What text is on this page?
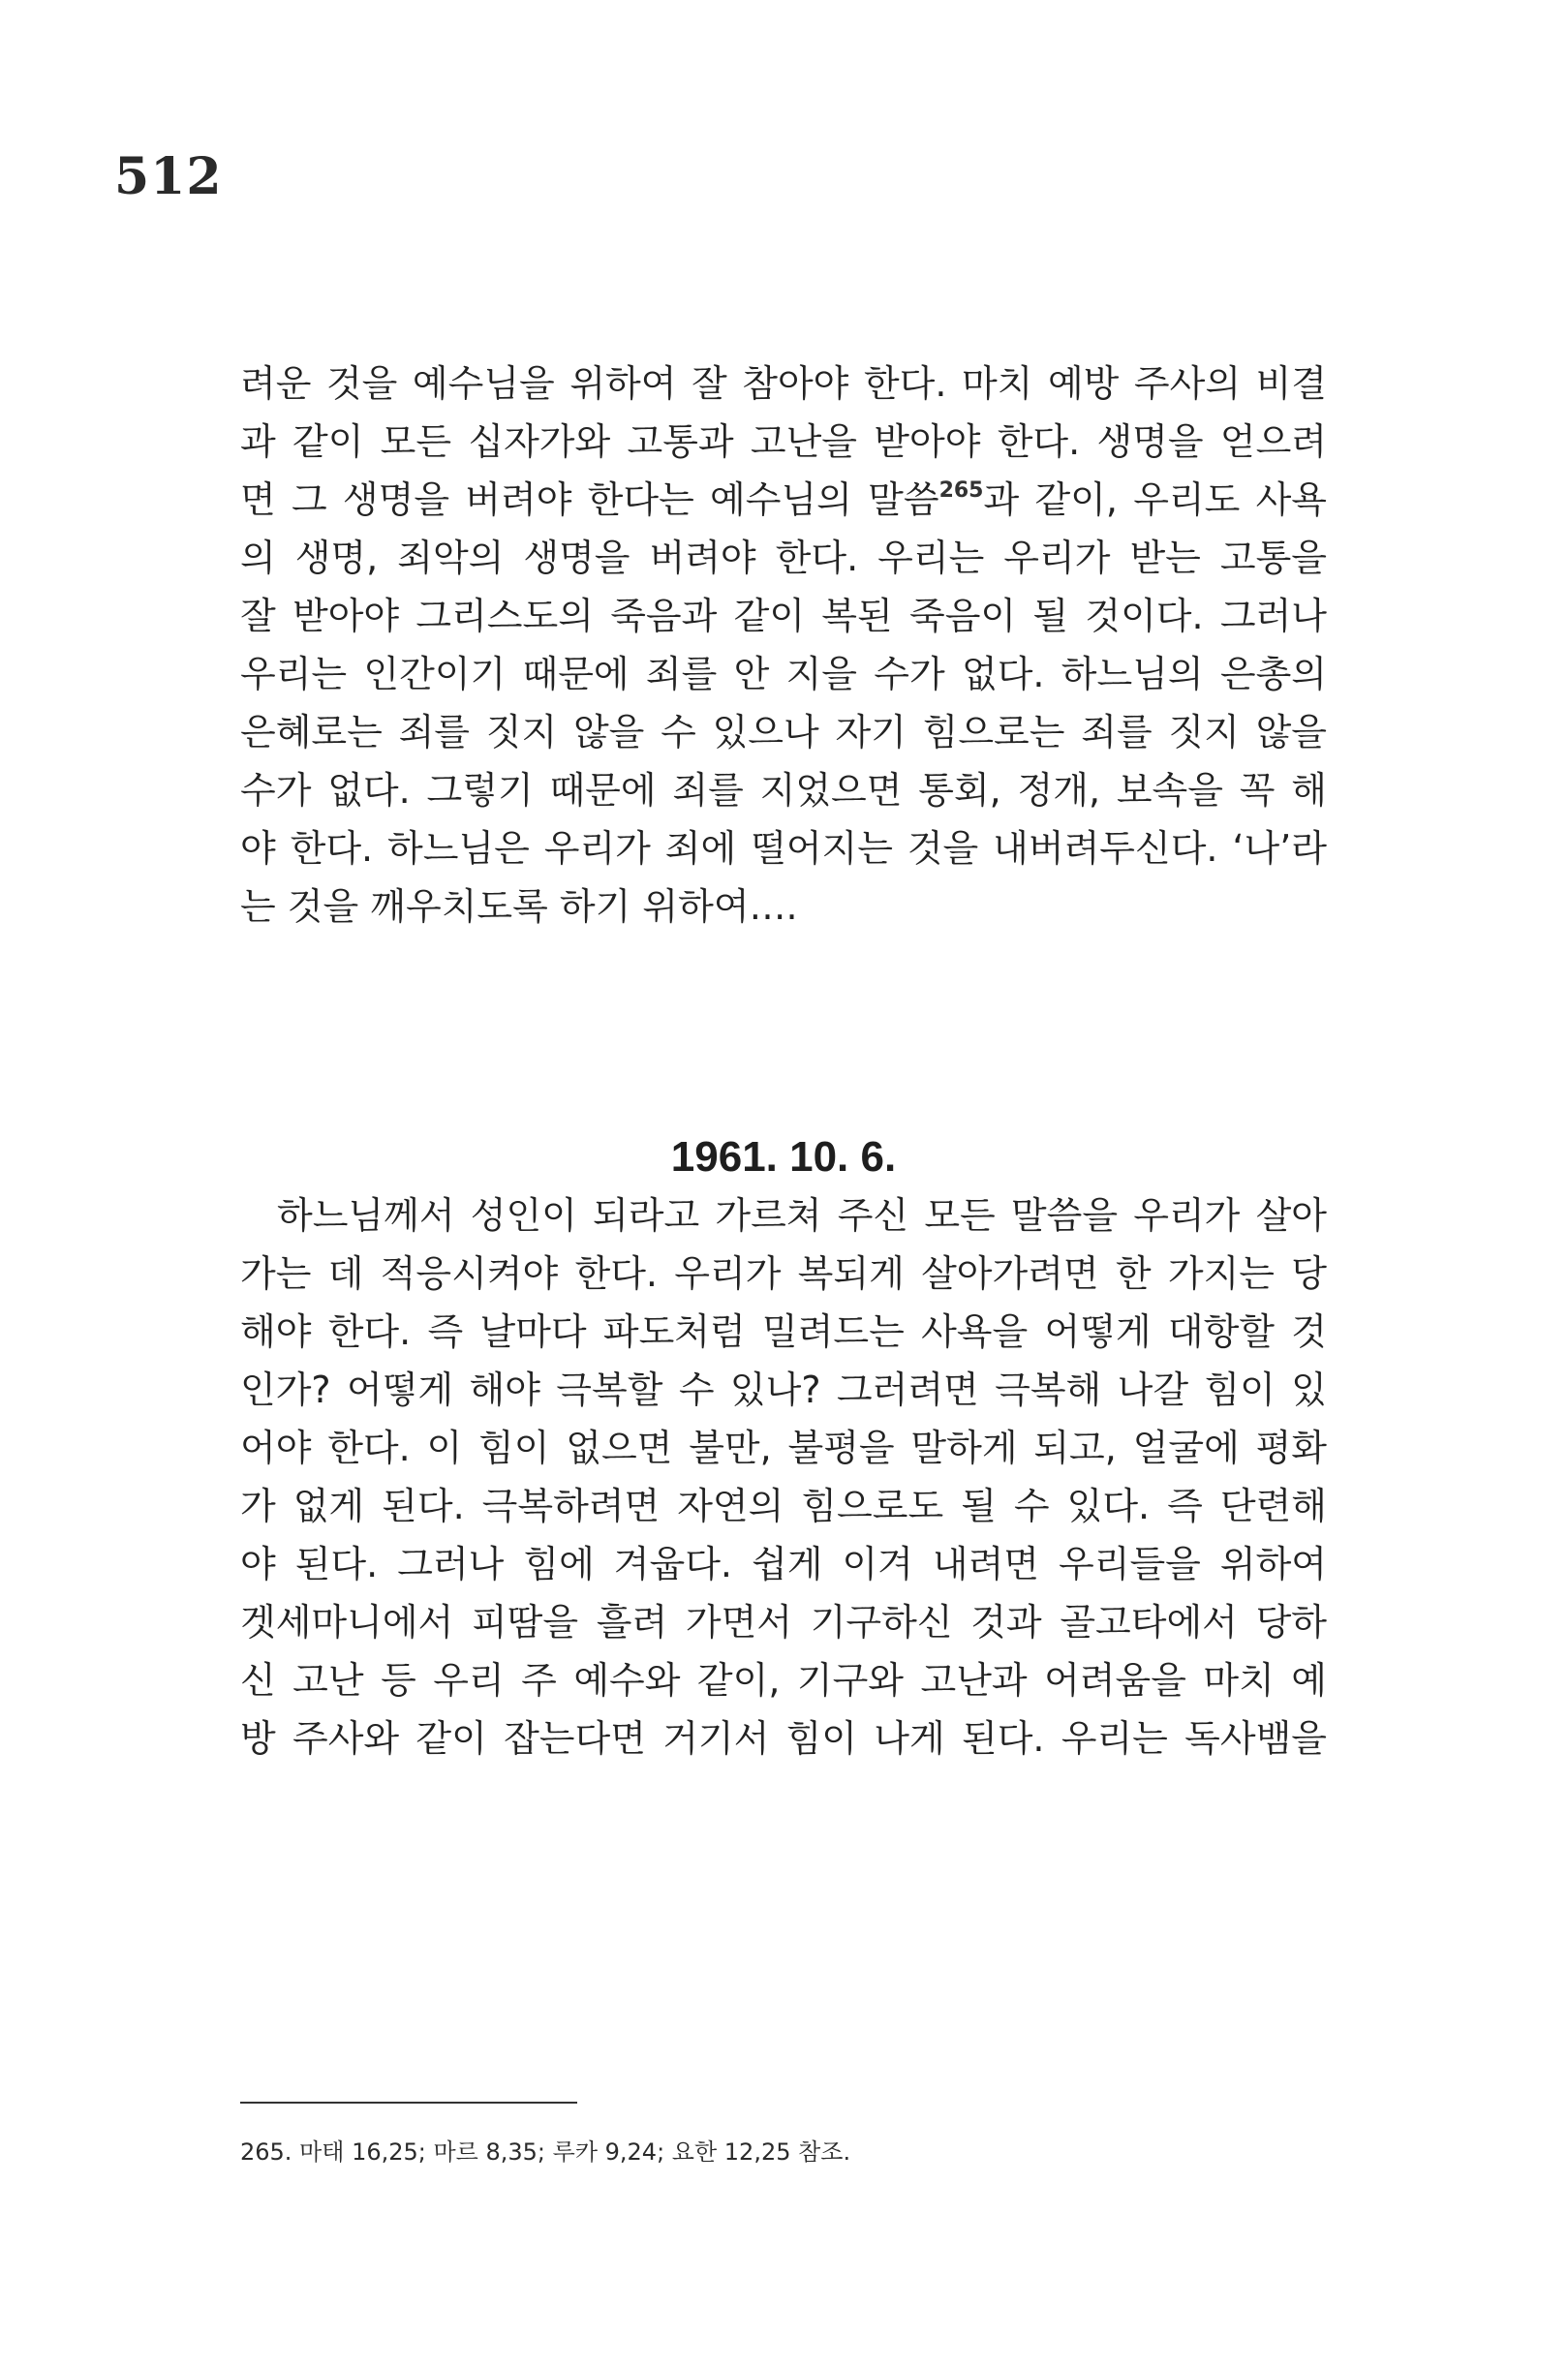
512
려운 것을 예수님을 위하여 잘 참아야 한다. 마치 예방 주사의 비결
과 같이 모든 십자가와 고통과 고난을 받아야 한다. 생명을 얻으려
면 그 생명을 버려야 한다는 예수님의 말씀$^{265}$과 같이, 우리도 사욕
의 생명, 죄악의 생명을 버려야 한다. 우리는 우리가 받는 고통을
잘 받아야 그리스도의 죽음과 같이 복된 죽음이 될 것이다. 그러나
우리는 인간이기 때문에 죄를 안 지을 수가 없다. 하느님의 은총의
은혜로는 죄를 짓지 않을 수 있으나 자기 힘으로는 죄를 짓지 않을
수가 없다. 그렇기 때문에 죄를 지었으면 통회, 정개, 보속을 꼭 해
야 한다. 하느님은 우리가 죄에 떨어지는 것을 내버려두신다. ‘나’라
는 것을 깨우치도록 하기 위하여….
1961. 10. 6.
하느님께서 성인이 되라고 가르쳐 주신 모든 말씀을 우리가 살아
가는 데 적응시켜야 한다. 우리가 복되게 살아가려면 한 가지는 당
해야 한다. 즉 날마다 파도처럼 밀려드는 사욕을 어떻게 대항할 것
인가? 어떻게 해야 극복할 수 있나? 그러려면 극복해 나갈 힘이 있
어야 한다. 이 힘이 없으면 불만, 불평을 말하게 되고, 얼굴에 평화
가 없게 된다. 극복하려면 자연의 힘으로도 될 수 있다. 즉 단련해
야 된다. 그러나 힘에 겨웁다. 쉽게 이겨 내려면 우리들을 위하여
겟세마니에서 피땀을 흘려 가면서 기구하신 것과 골고타에서 당하
신 고난 등 우리 주 예수와 같이, 기구와 고난과 어려움을 마치 예
방 주사와 같이 잡는다면 거기서 힘이 나게 된다. 우리는 독사뱀을
265. 마태 16,25; 마르 8,35; 루카 9,24; 요한 12,25 참조.
